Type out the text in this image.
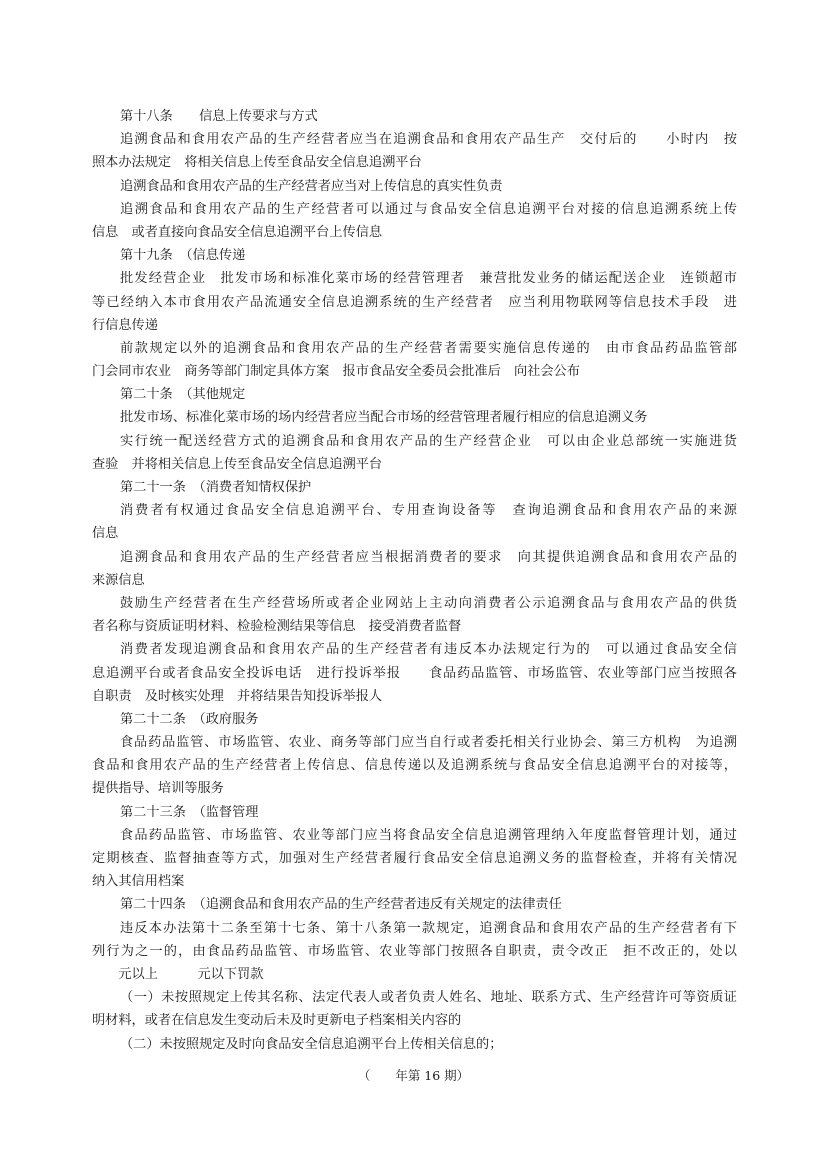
第十八条　　信息上传要求与方式
追溯食品和食用农产品的生产经营者应当在追溯食品和食用农产品生产　交付后的　　小时内　按
照本办法规定　将相关信息上传至食品安全信息追溯平台
追溯食品和食用农产品的生产经营者应当对上传信息的真实性负责
追溯食品和食用农产品的生产经营者可以通过与食品安全信息追溯平台对接的信息追溯系统上传
信息　或者直接向食品安全信息追溯平台上传信息
第十九条　（信息传递
批发经营企业　批发市场和标准化菜市场的经营管理者　兼营批发业务的储运配送企业　连锁超市
等已经纳入本市食用农产品流通安全信息追溯系统的生产经营者　应当利用物联网等信息技术手段　进
行信息传递
前款规定以外的追溯食品和食用农产品的生产经营者需要实施信息传递的　由市食品药品监管部
门会同市农业　商务等部门制定具体方案　报市食品安全委员会批准后　向社会公布
第二十条　（其他规定
批发市场、标准化菜市场的场内经营者应当配合市场的经营管理者履行相应的信息追溯义务
实行统一配送经营方式的追溯食品和食用农产品的生产经营企业　可以由企业总部统一实施进货
查验　并将相关信息上传至食品安全信息追溯平台
第二十一条　（消费者知情权保护
消费者有权通过食品安全信息追溯平台、专用查询设备等　查询追溯食品和食用农产品的来源
信息
追溯食品和食用农产品的生产经营者应当根据消费者的要求　向其提供追溯食品和食用农产品的
来源信息
鼓励生产经营者在生产经营场所或者企业网站上主动向消费者公示追溯食品与食用农产品的供货
者名称与资质证明材料、检验检测结果等信息　接受消费者监督
消费者发现追溯食品和食用农产品的生产经营者有违反本办法规定行为的　可以通过食品安全信
息追溯平台或者食品安全投诉电话　进行投诉举报　　食品药品监管、市场监管、农业等部门应当按照各
自职责　及时核实处理　并将结果告知投诉举报人
第二十二条　（政府服务
食品药品监管、市场监管、农业、商务等部门应当自行或者委托相关行业协会、第三方机构　为追溯
食品和食用农产品的生产经营者上传信息、信息传递以及追溯系统与食品安全信息追溯平台的对接等，
提供指导、培训等服务
第二十三条　（监督管理
食品药品监管、市场监管、农业等部门应当将食品安全信息追溯管理纳入年度监督管理计划，通过
定期核查、监督抽查等方式，加强对生产经营者履行食品安全信息追溯义务的监督检查，并将有关情况
纳入其信用档案
第二十四条　（追溯食品和食用农产品的生产经营者违反有关规定的法律责任
违反本办法第十二条至第十七条、第十八条第一款规定，追溯食品和食用农产品的生产经营者有下
列行为之一的，由食品药品监管、市场监管、农业等部门按照各自职责，责令改正　拒不改正的，处以
　　元以上　　　元以下罚款
（一）未按照规定上传其名称、法定代表人或者负责人姓名、地址、联系方式、生产经营许可等资质证
明材料，或者在信息发生变动后未及时更新电子档案相关内容的
（二）未按照规定及时向食品安全信息追溯平台上传相关信息的；
（　　年第 16 期）
